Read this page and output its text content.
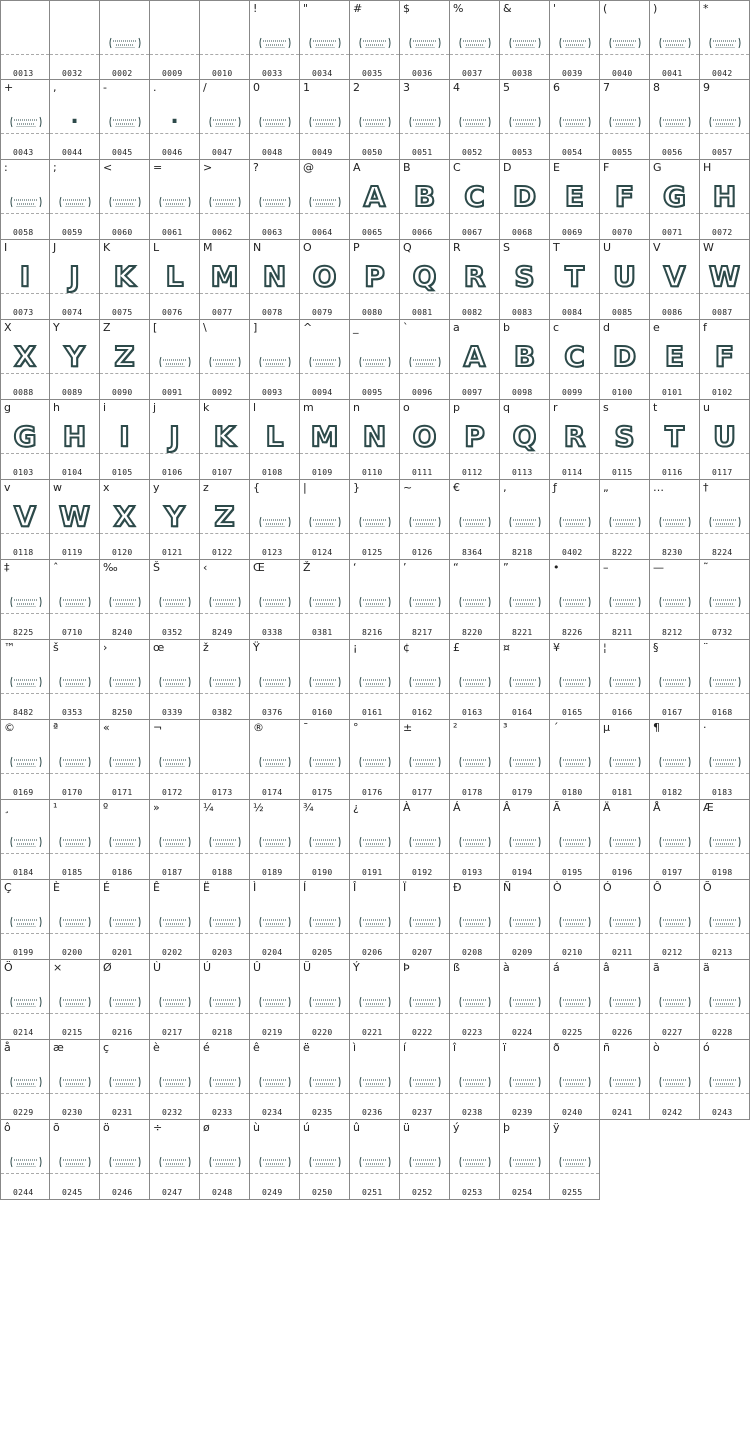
0013	0032	0002	0009	0010
!
0033
"
0034
#
0035
$
0036
%
0037
&
0038
'
0039
(
0040
)
0041
*
0042
+
0043
,
.
0044
-
0045
.
.
0046
/
0047
0
0048
1
0049
2
0050
3
0051
4
0052
5
0053
6
0054
7
0055
8
0056
9
0057
:
0058
;
0059
<
0060
=
0061
>
0062
?
0063
@
0064
A
A
0065
B
B
0066
C
C
0067
D
D
0068
E
E
0069
F
F
0070
G
G
0071
H
H
0072
I
I
0073
J
J
0074
K
K
0075
L
L
0076
M
M
0077
N
N
0078
O
O
0079
P
P
0080
Q
Q
0081
R
R
0082
S
S
0083
T
T
0084
U
U
0085
V
V
0086
W
W
0087
X
X
0088
Y
Y
0089
Z
Z
0090
[
0091
\
0092
]
0093
^
0094
_
0095
`
0096
a
A
0097
b
B
0098
c
C
0099
d
D
0100
e
E
0101
f
F
0102
g
G
0103
h
H
0104
i
I
0105
j
J
0106
k
K
0107
l
L
0108
m
M
0109
n
N
0110
o
O
0111
p
P
0112
q
Q
0113
r
R
0114
s
S
0115
t
T
0116
u
U
0117
v
V
0118
w
W
0119
x
X
0120
y
Y
0121
z
Z
0122
{
0123
|
0124
}
0125
~
0126
€
8364
‚
8218
ƒ
0402
„
8222
…
8230
†
8224
‡
8225
ˆ
0710
‰
8240
Š
0352
‹
8249
Œ
0338
Ž
0381
‘
8216
’
8217
“
8220
”
8221
•
8226
–
8211
—
8212
˜
0732
™
8482
š
0353
›
8250
œ
0339
ž
0382
Ÿ
0376	0160
¡
0161
¢
0162
£
0163
¤
0164
¥
0165
¦
0166
§
0167
¨
0168
©
0169
ª
0170
«
0171
¬
0172	0173
®
0174
¯
0175
°
0176
±
0177
²
0178
³
0179
´
0180
µ
0181
¶
0182
·
0183
¸
0184
¹
0185
º
0186
»
0187
¼
0188
½
0189
¾
0190
¿
0191
À
0192
Á
0193
Â
0194
Ã
0195
Ä
0196
Å
0197
Æ
0198
Ç
0199
È
0200
É
0201
Ê
0202
Ë
0203
Ì
0204
Í
0205
Î
0206
Ï
0207
Ð
0208
Ñ
0209
Ò
0210
Ó
0211
Ô
0212
Õ
0213
Ö
0214
×
0215
Ø
0216
Ù
0217
Ú
0218
Û
0219
Ü
0220
Ý
0221
Þ
0222
ß
0223
à
0224
á
0225
â
0226
ã
0227
ä
0228
å
0229
æ
0230
ç
0231
è
0232
é
0233
ê
0234
ë
0235
ì
0236
í
0237
î
0238
ï
0239
ð
0240
ñ
0241
ò
0242
ó
0243
ô
0244
õ
0245
ö
0246
÷
0247
ø
0248
ù
0249
ú
0250
û
0251
ü
0252
ý
0253
þ
0254
ÿ
0255
